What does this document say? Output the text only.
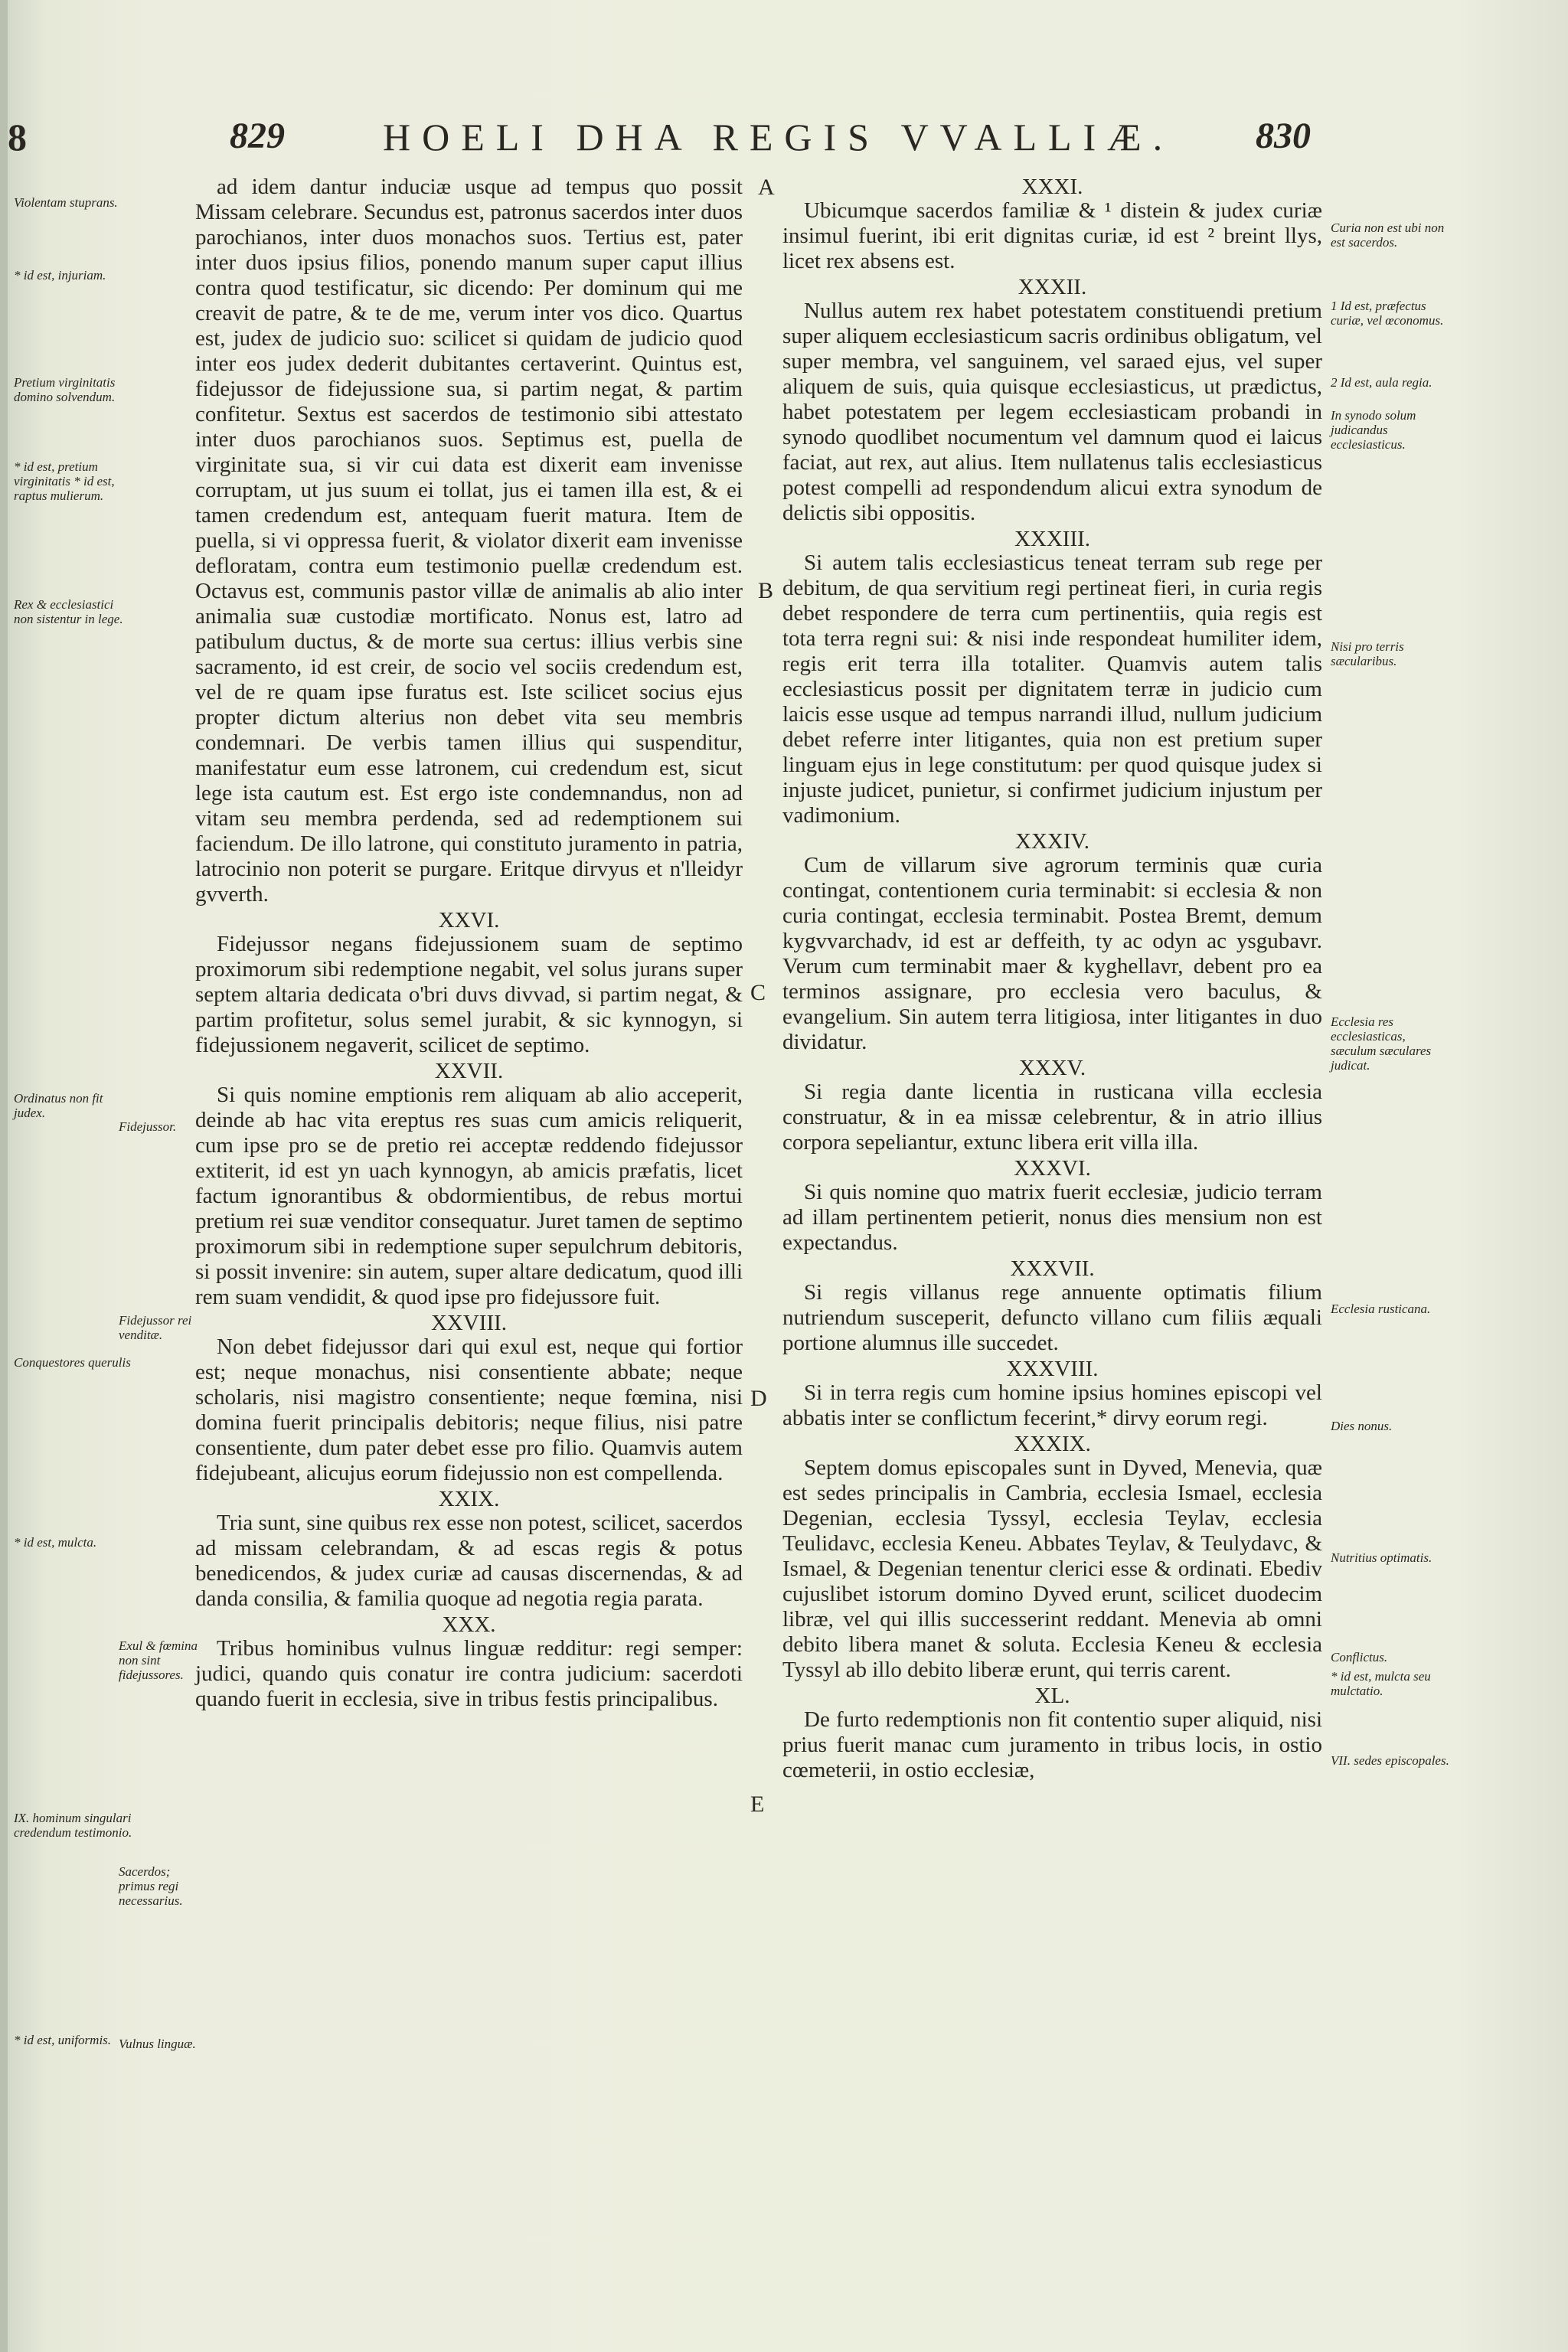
8	829	HOELI DHA REGIS VVALLIÆ. 830
Violentam stuprans.
* id est, injuriam.
Pretium virginitatis domino solvendum.
* id est, pretium virginitatis * id est, raptus mulierum.
Rex & ecclesiastici non sistentur in lege.
Ordinatus non fit judex.
Conquestores querulis
* id est, mulcta.
IX. hominum singulari credendum testimonio.
* id est, uniformis.
Fidejussor.
Fidejussor rei venditæ.
Exul & fœmina non sint fidejussores.
Sacerdos; primus regi necessarius.
Vulnus linguæ.
A
B
C
D
E
ad idem dantur induciæ usque ad tempus quo possit Missam celebrare. Secundus est, patronus sacerdos inter duos parochianos, inter duos monachos suos. Tertius est, pater inter duos ipsius filios, ponendo manum super caput illius contra quod testificatur, sic dicendo: Per dominum qui me creavit de patre, & te de me, verum inter vos dico. Quartus est, judex de judicio suo: scilicet si quidam de judicio quod inter eos judex dederit dubitantes certaverint. Quintus est, fidejussor de fidejussione sua, si partim negat, & partim confitetur. Sextus est sacerdos de testimonio sibi attestato inter duos parochianos suos. Septimus est, puella de virginitate sua, si vir cui data est dixerit eam invenisse corruptam, ut jus suum ei tollat, jus ei tamen illa est, & ei tamen credendum est, antequam fuerit matura. Item de puella, si vi oppressa fuerit, & violator dixerit eam invenisse defloratam, contra eum testimonio puellæ credendum est. Octavus est, communis pastor villæ de animalis ab alio inter animalia suæ custodiæ mortificato. Nonus est, latro ad patibulum ductus, & de morte sua certus: illius verbis sine sacramento, id est creir, de socio vel sociis credendum est, vel de re quam ipse furatus est. Iste scilicet socius ejus propter dictum alterius non debet vita seu membris condemnari. De verbis tamen illius qui suspenditur, manifestatur eum esse latronem, cui credendum est, sicut lege ista cautum est. Est ergo iste condemnandus, non ad vitam seu membra perdenda, sed ad redemptionem sui faciendum. De illo latrone, qui constituto juramento in patria, latrocinio non poterit se purgare. Eritque dirvyus et n'lleidyr gvverth.
XXVI.
Fidejussor negans fidejussionem suam de septimo proximorum sibi redemptione negabit, vel solus jurans super septem altaria dedicata o'bri duvs divvad, si partim negat, & partim profitetur, solus semel jurabit, & sic kynnogyn, si fidejussionem negaverit, scilicet de septimo.
XXVII.
Si quis nomine emptionis rem aliquam ab alio acceperit, deinde ab hac vita ereptus res suas cum amicis reliquerit, cum ipse pro se de pretio rei acceptæ reddendo fidejussor extiterit, id est yn uach kynnogyn, ab amicis præfatis, licet factum ignorantibus & obdormientibus, de rebus mortui pretium rei suæ venditor consequatur. Juret tamen de septimo proximorum sibi in redemptione super sepulchrum debitoris, si possit invenire: sin autem, super altare dedicatum, quod illi rem suam vendidit, & quod ipse pro fidejussore fuit.
XXVIII.
Non debet fidejussor dari qui exul est, neque qui fortior est; neque monachus, nisi consentiente abbate; neque scholaris, nisi magistro consentiente; neque fœmina, nisi domina fuerit principalis debitoris; neque filius, nisi patre consentiente, dum pater debet esse pro filio. Quamvis autem fidejubeant, alicujus eorum fidejussio non est compellenda.
XXIX.
Tria sunt, sine quibus rex esse non potest, scilicet, sacerdos ad missam celebrandam, & ad escas regis & potus benedicendos, & judex curiæ ad causas discernendas, & ad danda consilia, & familia quoque ad negotia regia parata.
XXX.
Tribus hominibus vulnus linguæ redditur: regi semper: judici, quando quis conatur ire contra judicium: sacerdoti quando fuerit in ecclesia, sive in tribus festis principalibus.
XXXI.
Ubicumque sacerdos familiæ & ¹ distein & judex curiæ insimul fuerint, ibi erit dignitas curiæ, id est ² breint llys, licet rex absens est.
XXXII.
Nullus autem rex habet potestatem constituendi pretium super aliquem ecclesiasticum sacris ordinibus obligatum, vel super membra, vel sanguinem, vel saraed ejus, vel super aliquem de suis, quia quisque ecclesiasticus, ut prædictus, habet potestatem per legem ecclesiasticam probandi in synodo quodlibet nocumentum vel damnum quod ei laicus faciat, aut rex, aut alius. Item nullatenus talis ecclesiasticus potest compelli ad respondendum alicui extra synodum de delictis sibi oppositis.
XXXIII.
Si autem talis ecclesiasticus teneat terram sub rege per debitum, de qua servitium regi pertineat fieri, in curia regis debet respondere de terra cum pertinentiis, quia regis est tota terra regni sui: & nisi inde respondeat humiliter idem, regis erit terra illa totaliter. Quamvis autem talis ecclesiasticus possit per dignitatem terræ in judicio cum laicis esse usque ad tempus narrandi illud, nullum judicium debet referre inter litigantes, quia non est pretium super linguam ejus in lege constitutum: per quod quisque judex si injuste judicet, punietur, si confirmet judicium injustum per vadimonium.
XXXIV.
Cum de villarum sive agrorum terminis quæ curia contingat, contentionem curia terminabit: si ecclesia & non curia contingat, ecclesia terminabit. Postea Bremt, demum kygvvarchadv, id est ar deffeith, ty ac odyn ac ysgubavr. Verum cum terminabit maer & kyghellavr, debent pro ea terminos assignare, pro ecclesia vero baculus, & evangelium. Sin autem terra litigiosa, inter litigantes in duo dividatur.
XXXV.
Si regia dante licentia in rusticana villa ecclesia construatur, & in ea missæ celebrentur, & in atrio illius corpora sepeliantur, extunc libera erit villa illa.
XXXVI.
Si quis nomine quo matrix fuerit ecclesiæ, judicio terram ad illam pertinentem petierit, nonus dies mensium non est expectandus.
XXXVII.
Si regis villanus rege annuente optimatis filium nutriendum susceperit, defuncto villano cum filiis æquali portione alumnus ille succedet.
XXXVIII.
Si in terra regis cum homine ipsius homines episcopi vel abbatis inter se conflictum fecerint,* dirvy eorum regi.
XXXIX.
Septem domus episcopales sunt in Dyved, Menevia, quæ est sedes principalis in Cambria, ecclesia Ismael, ecclesia Degenian, ecclesia Tyssyl, ecclesia Teylav, ecclesia Teulidavc, ecclesia Keneu. Abbates Teylav, & Teulydavc, & Ismael, & Degenian tenentur clerici esse & ordinati. Ebediv cujuslibet istorum domino Dyved erunt, scilicet duodecim libræ, vel qui illis successerint reddant. Menevia ab omni debito libera manet & soluta. Ecclesia Keneu & ecclesia Tyssyl ab illo debito liberæ erunt, qui terris carent.
XL.
De furto redemptionis non fit contentio super aliquid, nisi prius fuerit manac cum juramento in tribus locis, in ostio cœmeterii, in ostio ecclesiæ,
Curia non est ubi non est sacerdos.
1 Id est, præfectus curiæ, vel œconomus.
2 Id est, aula regia.
In synodo solum judicandus ecclesiasticus.
Nisi pro terris sæcularibus.
Ecclesia res ecclesiasticas, sæculum sæculares judicat.
Ecclesia rusticana.
Dies nonus.
Nutritius optimatis.
Conflictus.
* id est, mulcta seu mulctatio.
VII. sedes episcopales.
